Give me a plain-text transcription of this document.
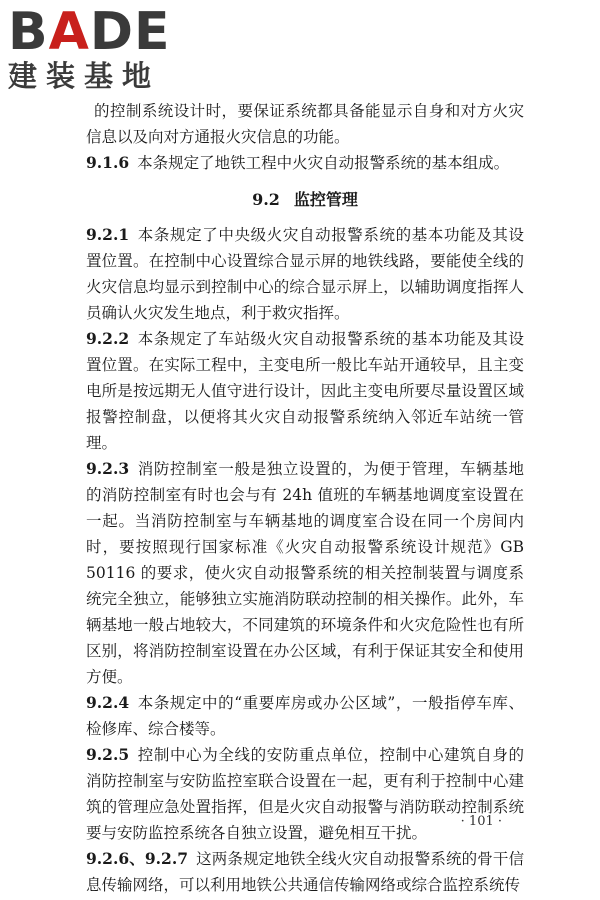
BADE
建装基地

的控制系统设计时，要保证系统都具备能显示自身和对方火灾信息以及向对方通报火灾信息的功能。

9.1.6 本条规定了地铁工程中火灾自动报警系统的基本组成。

9.2 监控管理

9.2.1 本条规定了中央级火灾自动报警系统的基本功能及其设置位置。在控制中心设置综合显示屏的地铁线路，要能使全线的火灾信息均显示到控制中心的综合显示屏上，以辅助调度指挥人员确认火灾发生地点，利于救灾指挥。

9.2.2 本条规定了车站级火灾自动报警系统的基本功能及其设置位置。在实际工程中，主变电所一般比车站开通较早，且主变电所是按远期无人值守进行设计，因此主变电所要尽量设置区域报警控制盘，以便将其火灾自动报警系统纳入邻近车站统一管理。

9.2.3 消防控制室一般是独立设置的，为便于管理，车辆基地的消防控制室有时也会与有 24h 值班的车辆基地调度室设置在一起。当消防控制室与车辆基地的调度室合设在同一个房间内时，要按照现行国家标准《火灾自动报警系统设计规范》GB 50116 的要求，使火灾自动报警系统的相关控制装置与调度系统完全独立，能够独立实施消防联动控制的相关操作。此外，车辆基地一般占地较大，不同建筑的环境条件和火灾危险性也有所区别，将消防控制室设置在办公区域，有利于保证其安全和使用方便。

9.2.4 本条规定中的“重要库房或办公区域”，一般指停车库、检修库、综合楼等。

9.2.5 控制中心为全线的安防重点单位，控制中心建筑自身的消防控制室与安防监控室联合设置在一起，更有利于控制中心建筑的管理应急处置指挥，但是火灾自动报警与消防联动控制系统要与安防监控系统各自独立设置，避免相互干扰。

9.2.6、9.2.7 这两条规定地铁全线火灾自动报警系统的骨干信息传输网络，可以利用地铁公共通信传输网络或综合监控系统传

· 101 ·
